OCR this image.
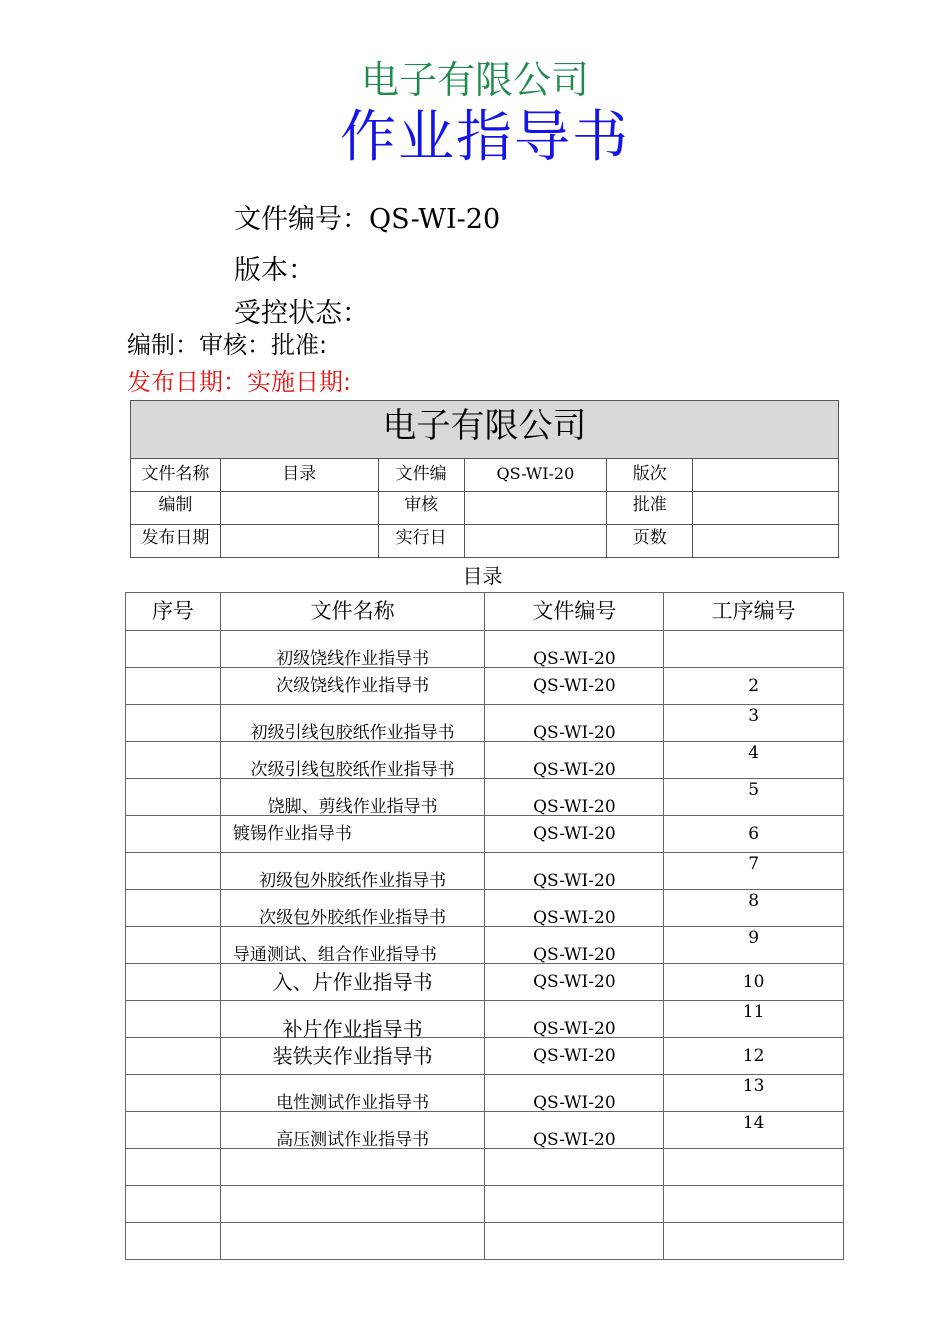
电子有限公司
作业指导书
文件编号：QS-WI-20
版本：
受控状态：
编制：审核：批准:
发布日期：实施日期:
电子有限公司					
文件名称	目录	文件编	QS-WI-20	版次	
编制		审核		批准	
发布日期		实行日		页数	
目录
序号	文件名称	文件编号	工序编号

	初级饶线作业指导书	QS-WI-20	

	次级饶线作业指导书	QS-WI-20	2

	初级引线包胶纸作业指导书	QS-WI-20	3

	次级引线包胶纸作业指导书	QS-WI-20	4

	饶脚、剪线作业指导书	QS-WI-20	5

	镀锡作业指导书	QS-WI-20	6

	初级包外胶纸作业指导书	QS-WI-20	7

	次级包外胶纸作业指导书	QS-WI-20	8

	导通测试、组合作业指导书	QS-WI-20	9

	入、片作业指导书	QS-WI-20	10

	补片作业指导书	QS-WI-20	11

	装铁夹作业指导书	QS-WI-20	12

	电性测试作业指导书	QS-WI-20	13

	高压测试作业指导书	QS-WI-20	14
